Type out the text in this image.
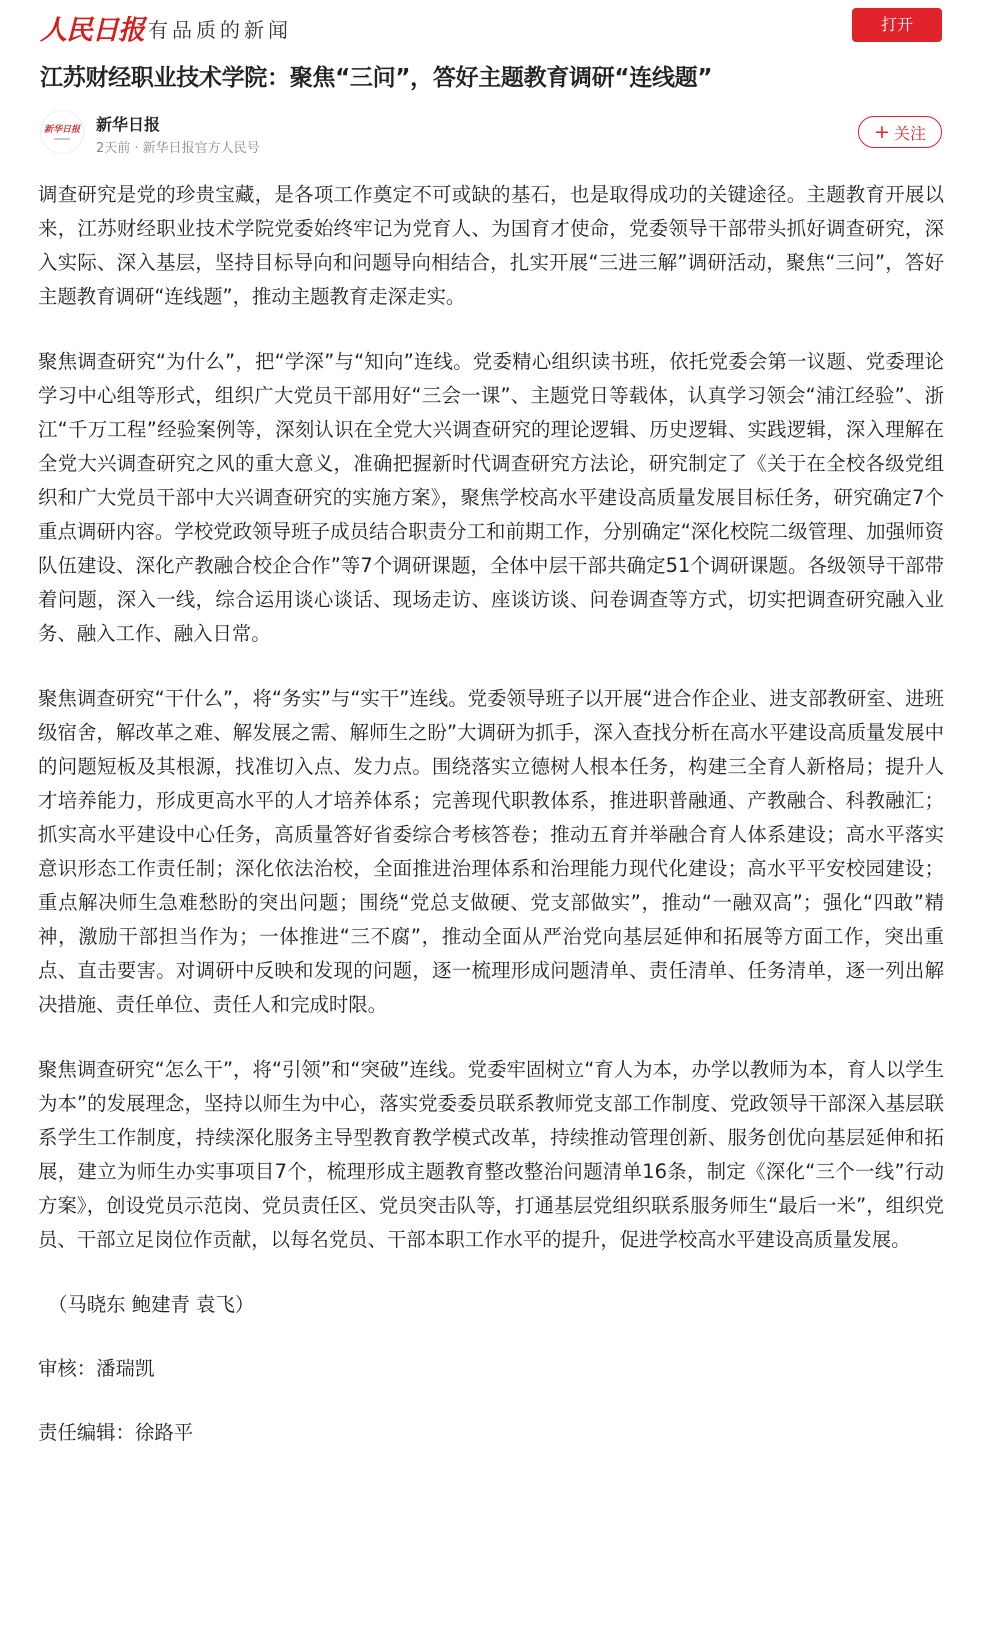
人民日报 有品质的新闻	打开
江苏财经职业技术学院：聚焦“三问”，答好主题教育调研“连线题”
新华日报 新华日报
2天前 · 新华日报官方人民号
+ 关注

调查研究是党的珍贵宝藏，是各项工作奠定不可或缺的基石，也是取得成功的关键途径。主题教育开展以来，江苏财经职业技术学院党委始终牢记为党育人、为国育才使命，党委领导干部带头抓好调查研究，深入实际、深入基层，坚持目标导向和问题导向相结合，扎实开展“三进三解”调研活动，聚焦“三问”，答好主题教育调研“连线题”，推动主题教育走深走实。

聚焦调查研究“为什么”，把“学深”与“知向”连线。党委精心组织读书班，依托党委会第一议题、党委理论学习中心组等形式，组织广大党员干部用好“三会一课”、主题党日等载体，认真学习领会“浦江经验”、浙江“千万工程”经验案例等，深刻认识在全党大兴调查研究的理论逻辑、历史逻辑、实践逻辑，深入理解在全党大兴调查研究之风的重大意义，准确把握新时代调查研究方法论，研究制定了《关于在全校各级党组织和广大党员干部中大兴调查研究的实施方案》，聚焦学校高水平建设高质量发展目标任务，研究确定7个重点调研内容。学校党政领导班子成员结合职责分工和前期工作，分别确定“深化校院二级管理、加强师资队伍建设、深化产教融合校企合作”等7个调研课题，全体中层干部共确定51个调研课题。各级领导干部带着问题，深入一线，综合运用谈心谈话、现场走访、座谈访谈、问卷调查等方式，切实把调查研究融入业务、融入工作、融入日常。

聚焦调查研究“干什么”，将“务实”与“实干”连线。党委领导班子以开展“进合作企业、进支部教研室、进班级宿舍，解改革之难、解发展之需、解师生之盼”大调研为抓手，深入查找分析在高水平建设高质量发展中的问题短板及其根源，找准切入点、发力点。围绕落实立德树人根本任务，构建三全育人新格局；提升人才培养能力，形成更高水平的人才培养体系；完善现代职教体系，推进职普融通、产教融合、科教融汇；抓实高水平建设中心任务，高质量答好省委综合考核答卷；推动五育并举融合育人体系建设；高水平落实意识形态工作责任制；深化依法治校，全面推进治理体系和治理能力现代化建设；高水平平安校园建设；重点解决师生急难愁盼的突出问题；围绕“党总支做硬、党支部做实”，推动“一融双高”；强化“四敢”精神，激励干部担当作为；一体推进“三不腐”，推动全面从严治党向基层延伸和拓展等方面工作，突出重点、直击要害。对调研中反映和发现的问题，逐一梳理形成问题清单、责任清单、任务清单，逐一列出解决措施、责任单位、责任人和完成时限。

聚焦调查研究“怎么干”，将“引领”和“突破”连线。党委牢固树立“育人为本，办学以教师为本，育人以学生为本”的发展理念，坚持以师生为中心，落实党委委员联系教师党支部工作制度、党政领导干部深入基层联系学生工作制度，持续深化服务主导型教育教学模式改革，持续推动管理创新、服务创优向基层延伸和拓展，建立为师生办实事项目7个，梳理形成主题教育整改整治问题清单16条，制定《深化“三个一线”行动方案》，创设党员示范岗、党员责任区、党员突击队等，打通基层党组织联系服务师生“最后一米”，组织党员、干部立足岗位作贡献，以每名党员、干部本职工作水平的提升，促进学校高水平建设高质量发展。

（马晓东 鲍建青 袁飞）

审核：潘瑞凯

责任编辑：徐路平
